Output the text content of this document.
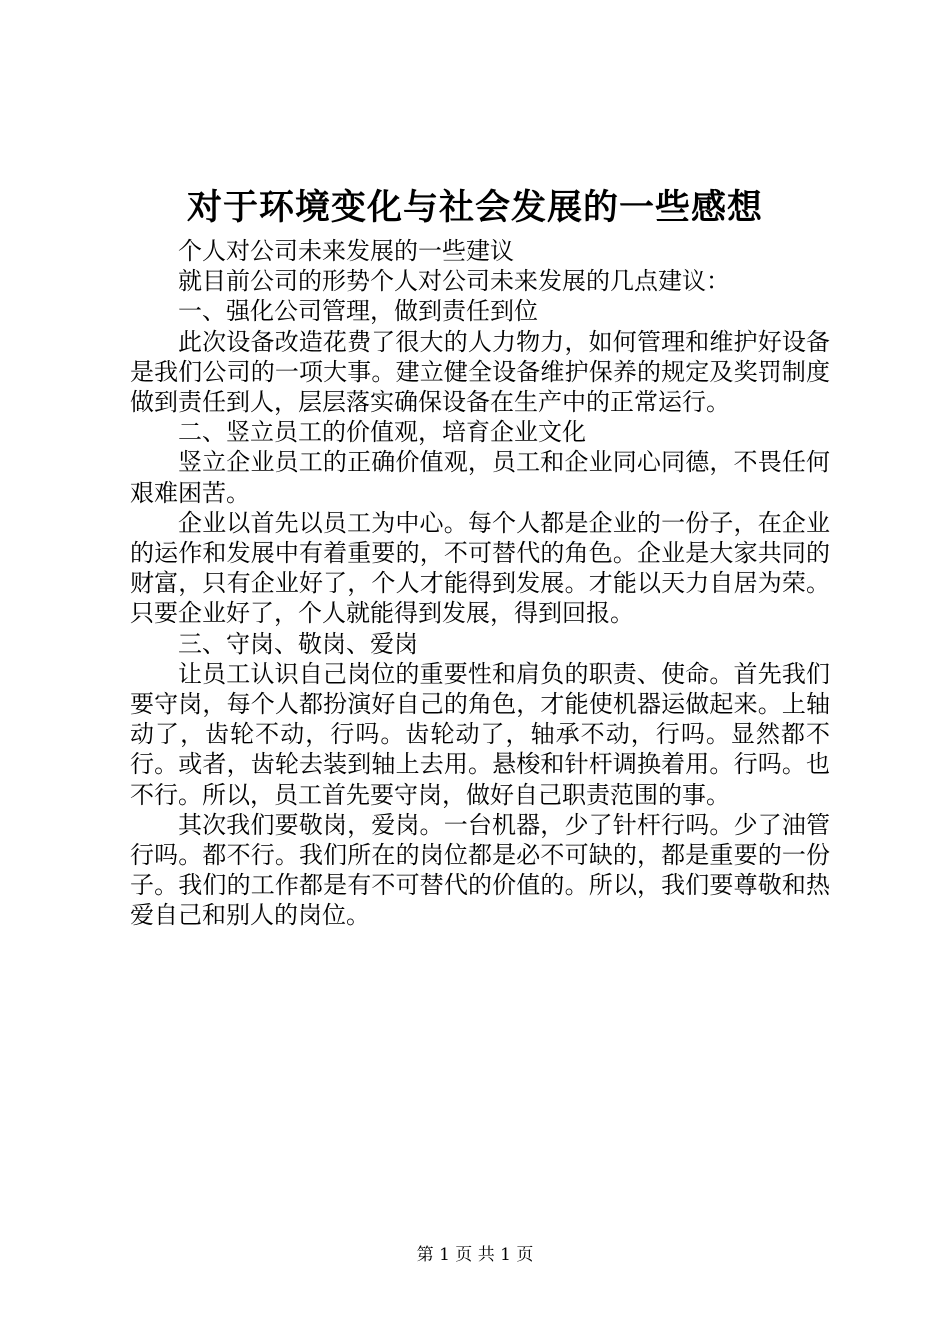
对于环境变化与社会发展的一些感想

个人对公司未来发展的一些建议

就目前公司的形势个人对公司未来发展的几点建议：

一、强化公司管理，做到责任到位

此次设备改造花费了很大的人力物力，如何管理和维护好设备是我们公司的一项大事。建立健全设备维护保养的规定及奖罚制度做到责任到人，层层落实确保设备在生产中的正常运行。

二、竖立员工的价值观，培育企业文化

竖立企业员工的正确价值观，员工和企业同心同德，不畏任何艰难困苦。

企业以首先以员工为中心。每个人都是企业的一份子，在企业的运作和发展中有着重要的，不可替代的角色。企业是大家共同的财富，只有企业好了，个人才能得到发展。才能以天力自居为荣。只要企业好了，个人就能得到发展，得到回报。

三、守岗、敬岗、爱岗

让员工认识自己岗位的重要性和肩负的职责、使命。首先我们要守岗，每个人都扮演好自己的角色，才能使机器运做起来。上轴动了，齿轮不动，行吗。齿轮动了，轴承不动，行吗。显然都不行。或者，齿轮去装到轴上去用。悬梭和针杆调换着用。行吗。也不行。所以，员工首先要守岗，做好自己职责范围的事。

其次我们要敬岗，爱岗。一台机器，少了针杆行吗。少了油管行吗。都不行。我们所在的岗位都是必不可缺的，都是重要的一份子。我们的工作都是有不可替代的价值的。所以，我们要尊敬和热爱自己和别人的岗位。

第 1 页 共 1 页
